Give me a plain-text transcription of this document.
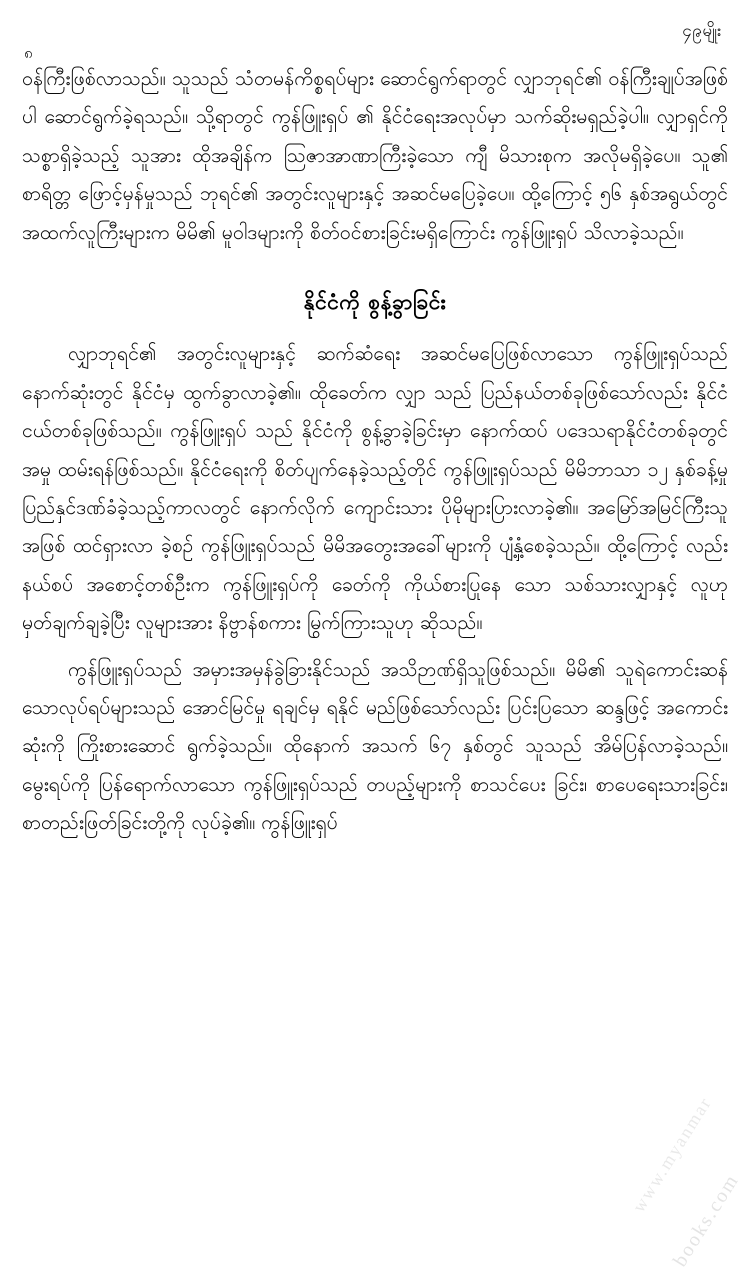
၄၉မျိုး
၈

ဝန်ကြီးဖြစ်လာသည်။ သူသည် သံတမန်ကိစ္စရပ်များ ဆောင်ရွက်ရာတွင် လျှာဘုရင်၏ ဝန်ကြီးချုပ်အဖြစ်ပါ ဆောင်ရွက်ခဲ့ရသည်။ သို့ရာတွင် ကွန်ဖြူးရှပ် ၏ နိုင်ငံရေးအလုပ်မှာ သက်ဆိုးမရှည်ခဲ့ပါ။ လျှာရှင်ကို သစ္စာရှိခဲ့သည့် သူအား ထိုအချိန်က သြဇာအာဏာကြီးခဲ့သော ကျီ မိသားစုက အလိုမရှိခဲ့ပေ။ သူ၏ စာရိတ္တ ဖြောင့်မှန်မှုသည် ဘုရင်၏ အတွင်းလူများနှင့် အဆင်မပြေခဲ့ပေ။ ထို့ကြောင့် ၅၆ နှစ်အရွယ်တွင် အထက်လူကြီးများက မိမိ၏ မူဝါဒများကို စိတ်ဝင်စားခြင်းမရှိကြောင်း ကွန်ဖြူးရှပ် သိလာခဲ့သည်။

နိုင်ငံကို စွန့်ခွာခြင်း

လျှာဘုရင်၏ အတွင်းလူများနှင့် ဆက်ဆံရေး အဆင်မပြေဖြစ်လာသော ကွန်ဖြူးရှပ်သည် နောက်ဆုံးတွင် နိုင်ငံမှ ထွက်ခွာလာခဲ့၏။ ထိုခေတ်က လျှာ သည် ပြည်နယ်တစ်ခုဖြစ်သော်လည်း နိုင်ငံငယ်တစ်ခုဖြစ်သည်။ ကွန်ဖြူးရှပ် သည် နိုင်ငံကို စွန့်ခွာခဲ့ခြင်းမှာ နောက်ထပ် ပဒေသရာနိုင်ငံတစ်ခုတွင် အမှု ထမ်းရန်ဖြစ်သည်။ နိုင်ငံရေးကို စိတ်ပျက်နေခဲ့သည့်တိုင် ကွန်ဖြူးရှပ်သည် မိမိဘာသာ ၁၂ နှစ်ခန့်မှု ပြည်နှင်ဒဏ်ခံခဲ့သည့်ကာလတွင် နောက်လိုက် ကျောင်းသား ပိုမိုများပြားလာခဲ့၏။ အမြော်အမြင်ကြီးသူအဖြစ် ထင်ရှားလာ ခဲ့စဉ် ကွန်ဖြူးရှပ်သည် မိမိအတွေးအခေါ်များကို ပျံ့နှံ့စေခဲ့သည်။ ထို့ကြောင့် လည်း နယ်စပ် အစောင့်တစ်ဦးက ကွန်ဖြူးရှပ်ကို ခေတ်ကို ကိုယ်စားပြုနေ သော သစ်သားလျှာနှင့် လူဟု မှတ်ချက်ချခဲ့ပြီး လူများအား နိဗ္ဗာန်စကား မြွက်ကြားသူဟု ဆိုသည်။

ကွန်ဖြူးရှပ်သည် အမှားအမှန်ခွဲခြားနိုင်သည် အသိဉာဏ်ရှိသူဖြစ်သည်။ မိမိ၏ သူရဲကောင်းဆန်သောလုပ်ရပ်များသည် အောင်မြင်မှု ရချင်မှ ရနိုင် မည်ဖြစ်သော်လည်း ပြင်းပြသော ဆန္ဒဖြင့် အကောင်းဆုံးကို ကြိုးစားဆောင် ရွက်ခဲ့သည်။ ထိုနောက် အသက် ၆၇ နှစ်တွင် သူသည် အိမ်ပြန်လာခဲ့သည်။ မွေးရပ်ကို ပြန်ရောက်လာသော ကွန်ဖြူးရှပ်သည် တပည့်များကို စာသင်ပေး ခြင်း၊ စာပေရေးသားခြင်း၊ စာတည်းဖြတ်ခြင်းတို့ကို လုပ်ခဲ့၏။ ကွန်ဖြူးရှပ်

www.myanmar
books.com
